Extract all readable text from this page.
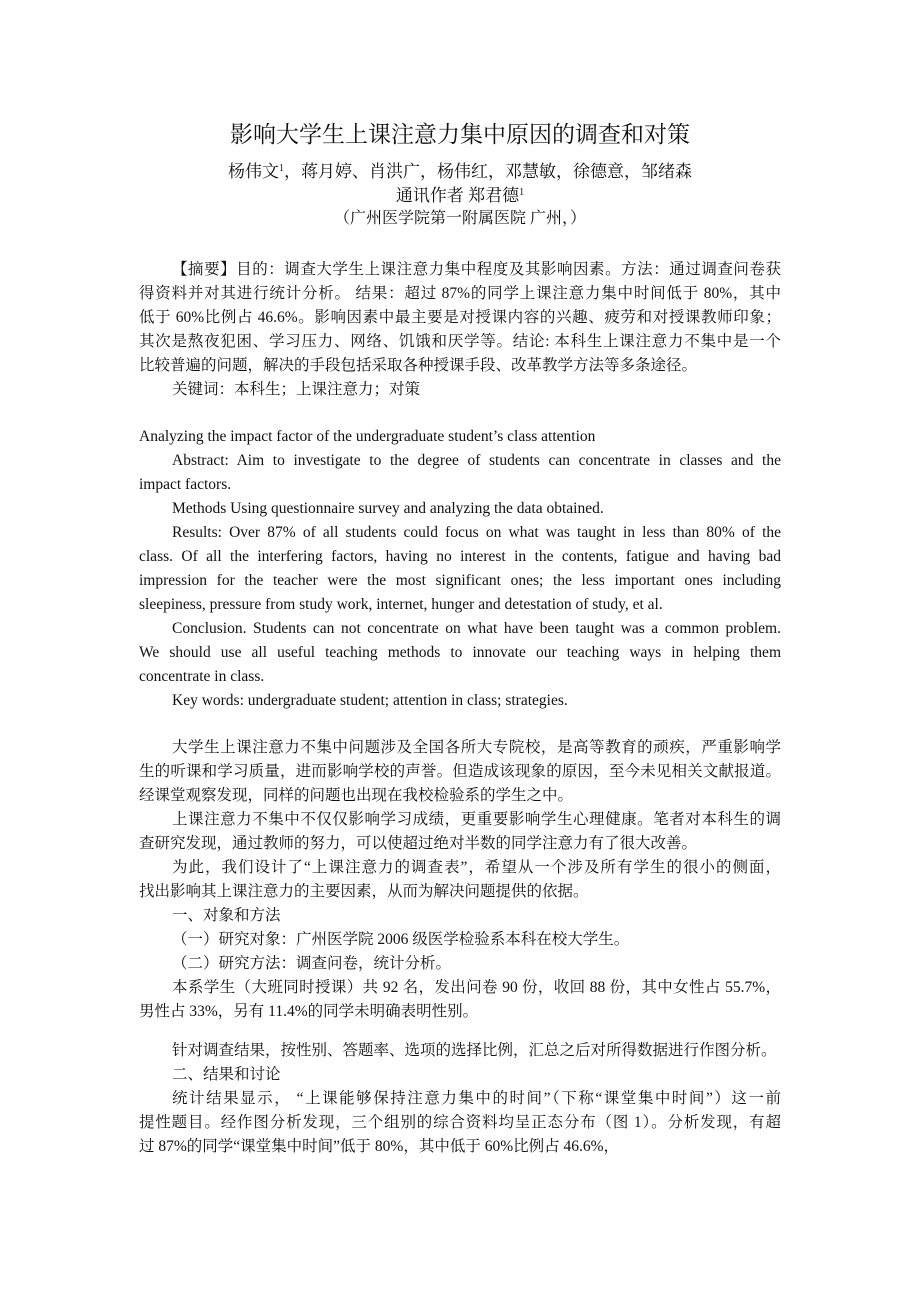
影响大学生上课注意力集中原因的调查和对策
杨伟文$^1$，蒋月婷、肖洪广，杨伟红，邓慧敏，徐德意，邹绪森
通讯作者 郑君德$^1$
（广州医学院第一附属医院 广州，）
【摘要】目的：调查大学生上课注意力集中程度及其影响因素。方法：通过调查问卷获
得资料并对其进行统计分析。 结果：超过 87%的同学上课注意力集中时间低于 80%，其中
低于 60%比例占 46.6%。影响因素中最主要是对授课内容的兴趣、疲劳和对授课教师印象；
其次是熬夜犯困、学习压力、网络、饥饿和厌学等。结论: 本科生上课注意力不集中是一个
比较普遍的问题，解决的手段包括采取各种授课手段、改革教学方法等多条途径。
关键词：本科生；上课注意力；对策
Analyzing the impact factor of the undergraduate student’s class attention
Abstract: Aim to investigate to the degree of students can concentrate in classes and the
impact factors.
Methods Using questionnaire survey and analyzing the data obtained.
Results: Over 87% of all students could focus on what was taught in less than 80% of the
class. Of all the interfering factors, having no interest in the contents, fatigue and having bad
impression for the teacher were the most significant ones; the less important ones including
sleepiness, pressure from study work, internet, hunger and detestation of study, et al.
Conclusion. Students can not concentrate on what have been taught was a common problem.
We should use all useful teaching methods to innovate our teaching ways in helping them
concentrate in class.
Key words: undergraduate student; attention in class; strategies.
大学生上课注意力不集中问题涉及全国各所大专院校，是高等教育的顽疾，严重影响学
生的听课和学习质量，进而影响学校的声誉。但造成该现象的原因，至今未见相关文献报道。
经课堂观察发现，同样的问题也出现在我校检验系的学生之中。
上课注意力不集中不仅仅影响学习成绩，更重要影响学生心理健康。笔者对本科生的调
查研究发现，通过教师的努力，可以使超过绝对半数的同学注意力有了很大改善。
为此，我们设计了“上课注意力的调查表”，希望从一个涉及所有学生的很小的侧面，
找出影响其上课注意力的主要因素，从而为解决问题提供的依据。
一、对象和方法
（一）研究对象：广州医学院 2006 级医学检验系本科在校大学生。
（二）研究方法：调查问卷，统计分析。
本系学生（大班同时授课）共 92 名，发出问卷 90 份，收回 88 份，其中女性占 55.7%，
男性占 33%，另有 11.4%的同学未明确表明性别。
针对调查结果，按性别、答题率、选项的选择比例，汇总之后对所得数据进行作图分析。
二、结果和讨论
统计结果显示， “上课能够保持注意力集中的时间”（下称“课堂集中时间”）这一前
提性题目。经作图分析发现，三个组别的综合资料均呈正态分布（图 1）。分析发现，有超
过 87%的同学“课堂集中时间”低于 80%，其中低于 60%比例占 46.6%，
